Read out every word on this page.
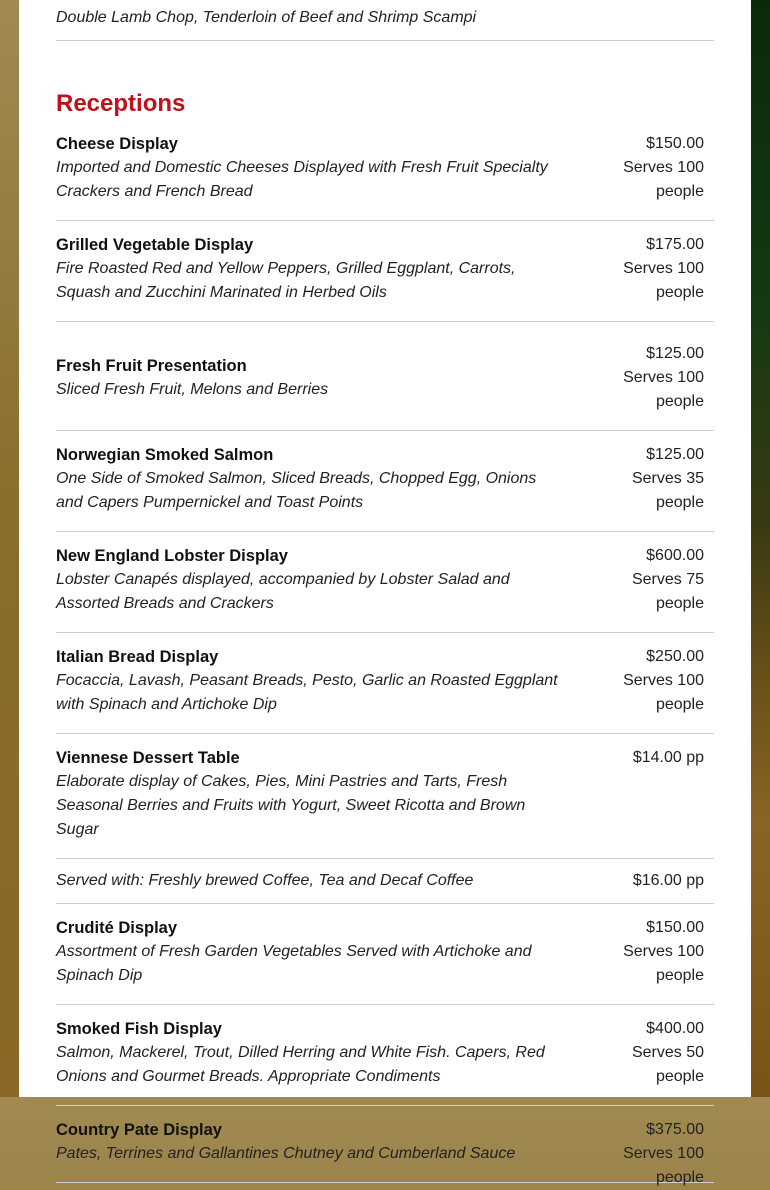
Double Lamb Chop, Tenderloin of Beef and Shrimp Scampi
Receptions
Cheese Display
Imported and Domestic Cheeses Displayed with Fresh Fruit Specialty Crackers and French Bread
$150.00
Serves 100 people
Grilled Vegetable Display
Fire Roasted Red and Yellow Peppers, Grilled Eggplant, Carrots, Squash and Zucchini Marinated in Herbed Oils
$175.00
Serves 100 people
Fresh Fruit Presentation
Sliced Fresh Fruit, Melons and Berries
$125.00
Serves 100 people
Norwegian Smoked Salmon
One Side of Smoked Salmon, Sliced Breads, Chopped Egg, Onions and Capers Pumpernickel and Toast Points
$125.00
Serves 35 people
New England Lobster Display
Lobster Canapés displayed, accompanied by Lobster Salad and Assorted Breads and Crackers
$600.00
Serves 75 people
Italian Bread Display
Focaccia, Lavash, Peasant Breads, Pesto, Garlic an Roasted Eggplant with Spinach and Artichoke Dip
$250.00
Serves 100 people
Viennese Dessert Table
Elaborate display of Cakes, Pies, Mini Pastries and Tarts, Fresh Seasonal Berries and Fruits with Yogurt, Sweet Ricotta and Brown Sugar
$14.00 pp
Served with: Freshly brewed Coffee, Tea and Decaf Coffee	$16.00 pp
Crudité Display
Assortment of Fresh Garden Vegetables Served with Artichoke and Spinach Dip
$150.00
Serves 100 people
Smoked Fish Display
Salmon, Mackerel, Trout, Dilled Herring and White Fish. Capers, Red Onions and Gourmet Breads. Appropriate Condiments
$400.00
Serves 50 people
Country Pate Display
Pates, Terrines and Gallantines Chutney and Cumberland Sauce
$375.00
Serves 100 people
